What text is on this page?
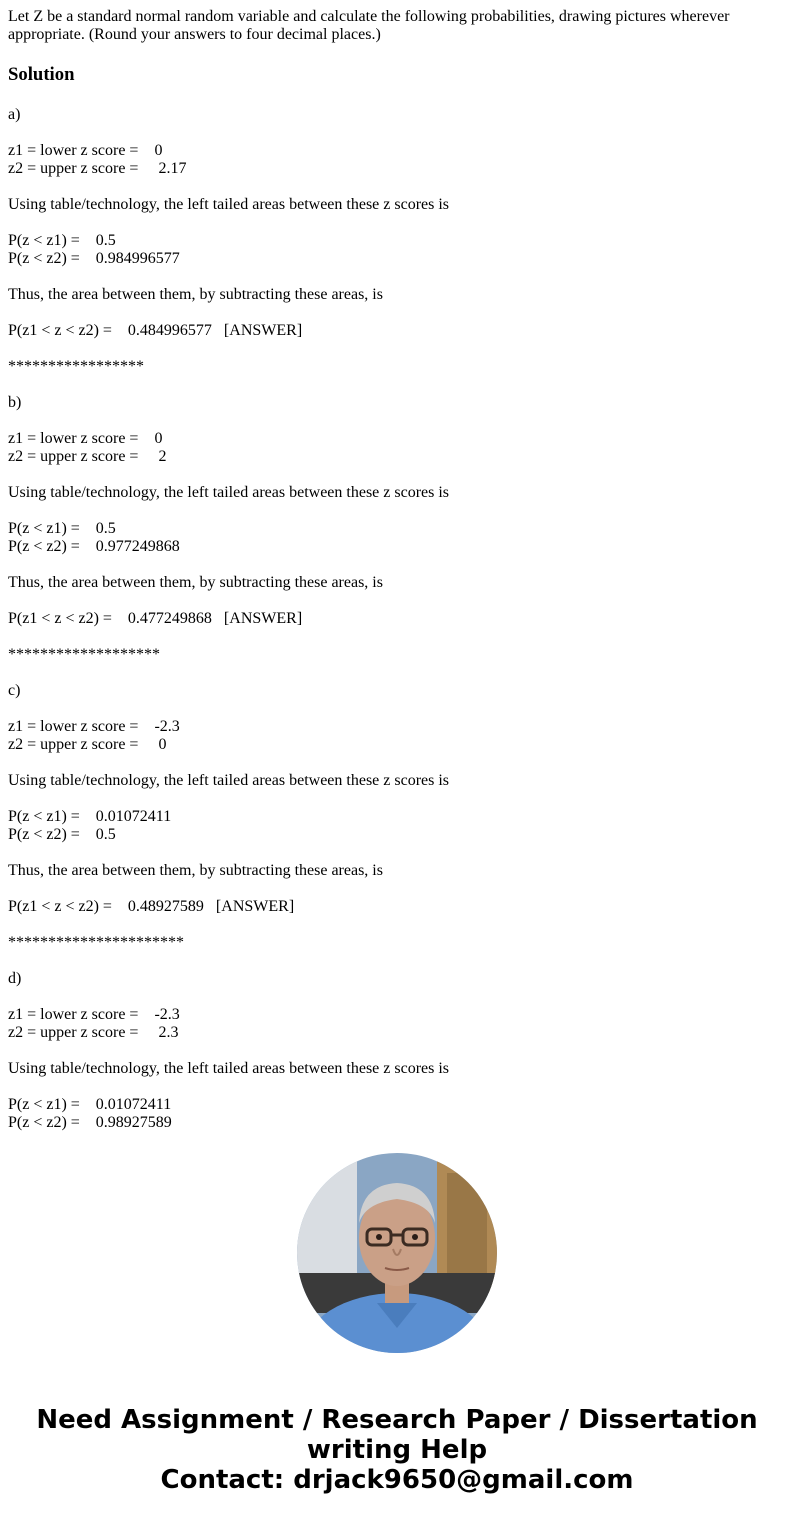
Let Z be a standard normal random variable and calculate the following probabilities, drawing pictures wherever appropriate. (Round your answers to four decimal places.)

Solution
a)
z1 = lower z score =    0
z2 = upper z score =     2.17
Using table/technology, the left tailed areas between these z scores is
P(z < z1) =    0.5
P(z < z2) =    0.984996577
Thus, the area between them, by subtracting these areas, is
P(z1 < z < z2) =    0.484996577   [ANSWER]
*****************
b)
z1 = lower z score =    0
z2 = upper z score =     2
Using table/technology, the left tailed areas between these z scores is
P(z < z1) =    0.5
P(z < z2) =    0.977249868
Thus, the area between them, by subtracting these areas, is
P(z1 < z < z2) =    0.477249868   [ANSWER]
*******************
c)
z1 = lower z score =    -2.3
z2 = upper z score =     0
Using table/technology, the left tailed areas between these z scores is
P(z < z1) =    0.01072411
P(z < z2) =    0.5
Thus, the area between them, by subtracting these areas, is
P(z1 < z < z2) =    0.48927589   [ANSWER]
**********************
d)
z1 = lower z score =    -2.3
z2 = upper z score =     2.3
Using table/technology, the left tailed areas between these z scores is
P(z < z1) =    0.01072411
P(z < z2) =    0.98927589
Need Assignment / Research Paper / Dissertation
writing Help
Contact: drjack9650@gmail.com
